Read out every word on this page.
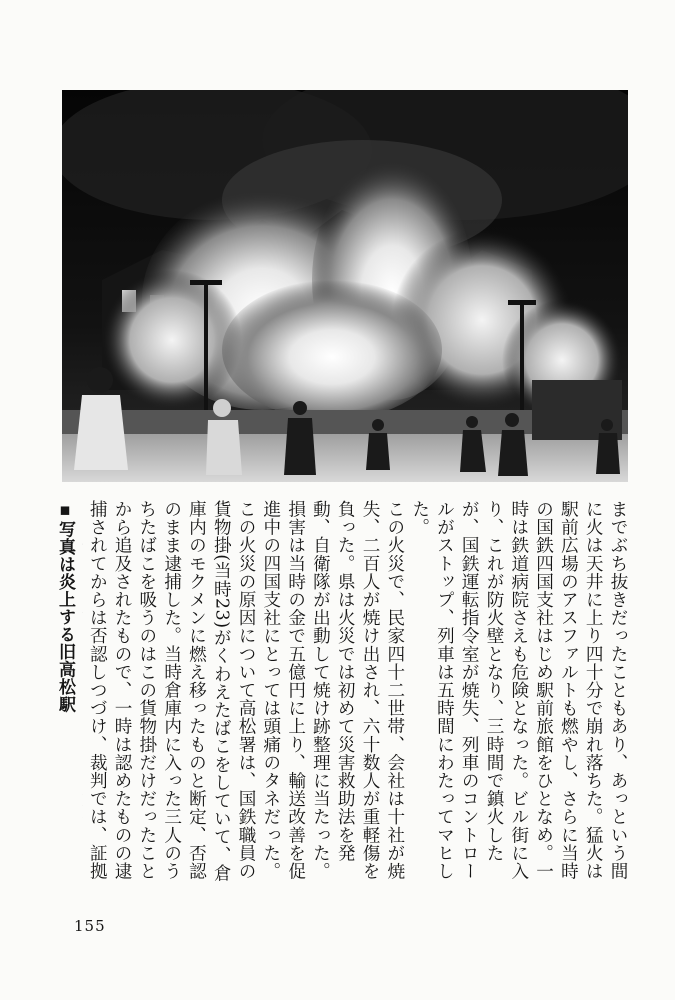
までぶち抜きだったこともあり、あっという間に火は天井に上り四十分で崩れ落ちた。猛火は駅前広場のアスファルトも燃やし、さらに当時の国鉄四国支社はじめ駅前旅館をひとなめ。一時は鉄道病院さえも危険となった。ビル街に入り、これが防火壁となり、三時間で鎮火したが、国鉄運転指令室が焼失、列車のコントロールがストップ、列車は五時間にわたってマヒした。

この火災で、民家四十二世帯、会社は十社が焼失、二百人が焼け出され、六十数人が重軽傷を負った。県は火災では初めて災害救助法を発動、自衛隊が出動して焼け跡整理に当たった。損害は当時の金で五億円に上り、輸送改善を促進中の四国支社にとっては頭痛のタネだった。

この火災の原因について高松署は、国鉄職員の貨物掛(当時23)がくわえたばこをしていて、倉庫内のモクメンに燃え移ったものと断定、否認のまま逮捕した。当時倉庫内に入った三人のうちたばこを吸うのはこの貨物掛だけだったことから追及されたもので、一時は認めたものの逮捕されてからは否認しつづけ、裁判では、証拠

▪写真は炎上する旧高松駅
155
